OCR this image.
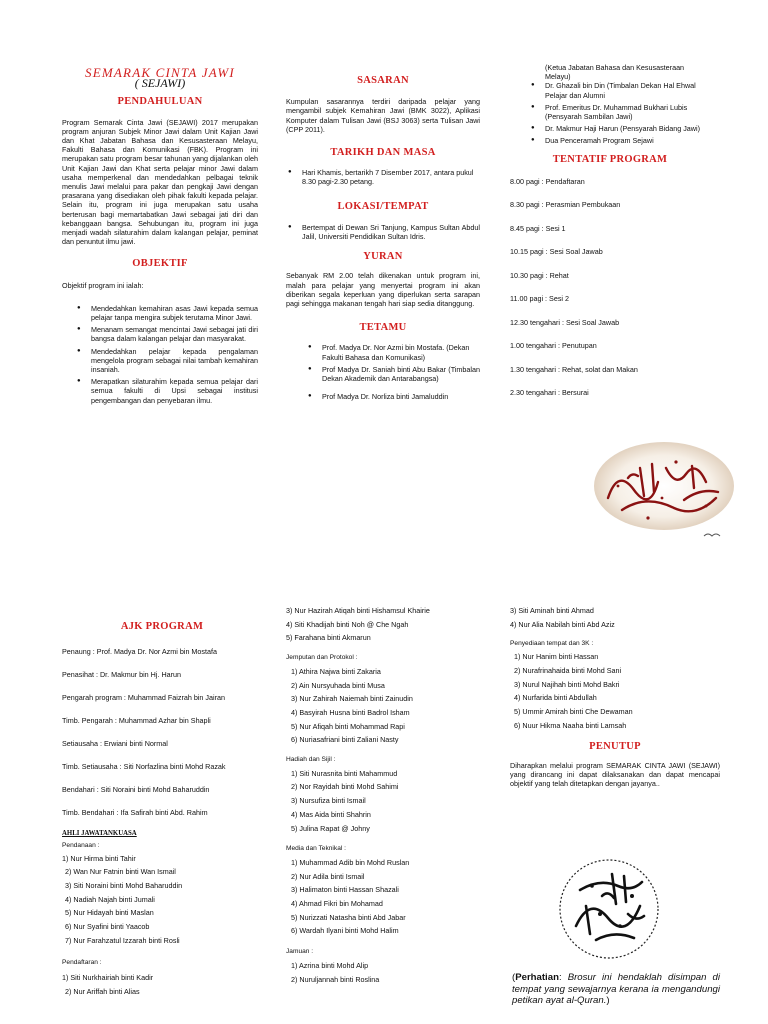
SEMARAK CINTA JAWI
( SEJAWI)
PENDAHULUAN

Program Semarak Cinta Jawi (SEJAWI) 2017 merupakan program anjuran Subjek Minor Jawi dalam Unit Kajian Jawi dan Khat Jabatan Bahasa dan Kesusasteraan Melayu, Fakulti Bahasa dan Komunikasi (FBK). Program ini merupakan satu program besar tahunan yang dijalankan oleh Unit Kajian Jawi dan Khat serta pelajar minor Jawi dalam usaha memperkenal dan mendedahkan pelbagai teknik menulis Jawi melalui para pakar dan pengkaji Jawi dengan prasarana yang disediakan oleh pihak fakulti kepada pelajar. Selain itu, program ini juga merupakan satu usaha berterusan bagi memartabatkan Jawi sebagai jati diri dan kebanggaan bangsa. Sehubungan itu, program ini juga menjadi wadah silaturahim dalam kalangan pelajar, peminat dan penuntut ilmu jawi.

OBJEKTIF
Objektif program ini ialah:
● Mendedahkan kemahiran asas Jawi kepada semua pelajar tanpa mengira subjek terutama Minor Jawi.
● Menanam semangat mencintai Jawi sebagai jati diri bangsa dalam kalangan pelajar dan masyarakat.
● Mendedahkan pelajar kepada pengalaman mengelola program sebagai nilai tambah kemahiran insaniah.
● Merapatkan silaturahim kepada semua pelajar dari semua fakulti di Upsi sebagai institusi pengembangan dan penyebaran ilmu.
SASARAN

Kumpulan sasarannya terdiri daripada pelajar yang mengambil subjek Kemahiran Jawi (BMK 3022), Aplikasi Komputer dalam Tulisan Jawi (BSJ 3063) serta Tulisan Jawi (CPP 2011).

TARIKH DAN MASA
● Hari Khamis, bertarikh 7 Disember 2017, antara pukul 8.30 pagi-2.30 petang.
LOKASI/TEMPAT
● Bertempat di Dewan Sri Tanjung, Kampus Sultan Abdul Jalil, Universiti Pendidikan Sultan Idris.
YURAN

Sebanyak RM 2.00 telah dikenakan untuk program ini, malah para pelajar yang menyertai program ini akan diberikan segala keperluan yang diperlukan serta sarapan pagi sehingga makanan tengah hari siap sedia ditanggung.

TETAMU
● Prof. Madya Dr. Nor Azmi bin Mostafa. (Dekan Fakulti Bahasa dan Komunikasi)
● Prof Madya Dr. Saniah binti Abu Bakar (Timbalan Dekan Akademik dan Antarabangsa)
● Prof Madya Dr. Norliza binti Jamaluddin
(Ketua Jabatan Bahasa dan Kesusasteraan Melayu)
● Dr. Ghazali bin Din (Timbalan Dekan Hal Ehwal Pelajar dan Alumni
● Prof. Emeritus Dr. Muhammad Bukhari Lubis (Pensyarah Sambilan Jawi)
● Dr. Makmur Haji Harun (Pensyarah Bidang Jawi)
● Dua Penceramah Program Sejawi
TENTATIF PROGRAM
8.00 pagi : Pendaftaran
8.30 pagi : Perasmian Pembukaan
8.45 pagi : Sesi 1
10.15 pagi : Sesi Soal Jawab
10.30 pagi : Rehat
11.00 pagi : Sesi 2
12.30 tengahari : Sesi Soal Jawab
1.00 tengahari : Penutupan
1.30 tengahari : Rehat, solat dan Makan
2.30 tengahari : Bersurai
AJK PROGRAM
Penaung : Prof. Madya Dr. Nor Azmi bin Mostafa
Penasihat : Dr. Makmur bin Hj. Harun
Pengarah program : Muhammad Faizrah bin Jairan
Timb. Pengarah : Muhammad Azhar bin Shapli
Setiausaha : Erwiani binti Normal
Timb. Setiausaha : Siti Norfazlina binti Mohd Razak
Bendahari : Siti Noraini binti Mohd Baharuddin
Timb. Bendahari : Ifa Safirah binti Abd. Rahim
AHLI JAWATANKUASA
Pendanaan :
1) Nur Hirma binti Tahir
2) Wan Nur Fatnin binti Wan Ismail
3) Siti Noraini binti Mohd Baharuddin
4) Nadiah Najah binti Jumali
5) Nur Hidayah binti Maslan
6) Nur Syafini binti Yaacob
7) Nur Farahzatul Izzarah binti Rosli
Pendaftaran :
1) Siti Nurkhairiah binti Kadir
2) Nur Ariffah binti Alias
3) Nur Hazirah Atiqah binti Hishamsul Khairie
4) Siti Khadijah binti Noh @ Che Ngah
5) Farahana binti Akmarun
Jemputan dan Protokol :
1) Athira Najwa binti Zakaria
2) Ain Nursyuhada binti Musa
3) Nur Zahirah Naiemah binti Zainudin
4) Basyirah Husna binti Badrol Isham
5) Nur Afiqah binti Mohammad Rapi
6) Nuriasafriani binti Zaliani Nasty
Hadiah dan Sijil :
1) Siti Nurasnita binti Mahammud
2) Nor Rayidah binti Mohd Sahimi
3) Nursufiza binti Ismail
4) Mas Aida binti Shahrin
5) Julina Rapat @ Johny
Media dan Teknikal :
1) Muhammad Adib bin Mohd Ruslan
2) Nur Adila binti Ismail
3) Halimaton binti Hassan Shazali
4) Ahmad Fikri bin Mohamad
5) Nurizzati Natasha binti Abd Jabar
6) Wardah Ilyani binti Mohd Halim
Jamuan :
1) Azrina binti Mohd Alip
2) Nuruljannah binti Roslina
3) Siti Aminah binti Ahmad
4) Nur Alia Nabilah binti Abd Aziz
Penyediaan tempat dan 3K :
1) Nur Hanim binti Hassan
2) Nurafrinahaida binti Mohd Sani
3) Nurul Najihah binti Mohd Bakri
4) Nurfarida binti Abdullah
5) Ummir Amirah binti Che Dewaman
6) Nuur Hikma Naaha binti Lamsah
PENUTUP

Diharapkan melalui program SEMARAK CINTA JAWI (SEJAWI) yang dirancang ini dapat dilaksanakan dan dapat mencapai objektif yang telah ditetapkan dengan jayanya..

(Perhatian: Brosur ini hendaklah disimpan di tempat yang sewajarnya kerana ia mengandungi petikan ayat al-Quran.)
